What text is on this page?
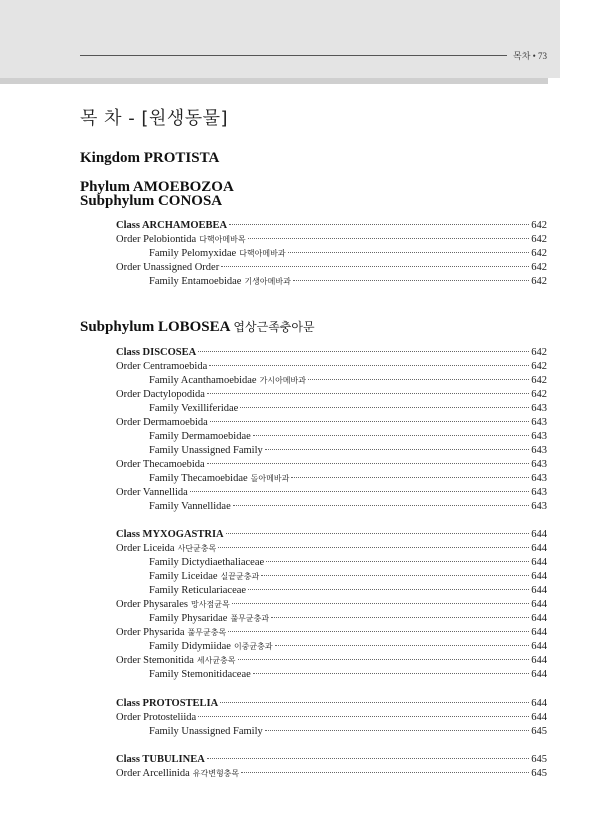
목차 • 73
목 차 - [원생동물]
Kingdom PROTISTA
Phylum AMOEBOZOA
Subphylum CONOSA
Class ARCHAMOEBEA	642
Order Pelobiontida 다핵아메바목	642
Family Pelomyxidae 다핵아메바과	642
Order Unassigned Order	642
Family Entamoebidae 기생아메바과	642
Subphylum LOBOSEA 엽상근족충아문
Class DISCOSEA	642
Order Centramoebida	642
Family Acanthamoebidae 가시아메바과	642
Order Dactylopodida	642
Family Vexilliferidae	643
Order Dermamoebida	643
Family Dermamoebidae	643
Family Unassigned Family	643
Order Thecamoebida	643
Family Thecamoebidae 돌아메바과	643
Order Vannellida	643
Family Vannellidae	643
Class MYXOGASTRIA	644
Order Liceida 사단균충목	644
Family Dictydiaethaliaceae	644
Family Liceidae 실끝균충과	644
Family Reticulariaceae	644
Order Physarales 망사점균목	644
Family Physaridae 풀무균충과	644
Order Physarida 풀무균충목	644
Family Didymiidae 이중균충과	644
Order Stemonitida 세사균충목	644
Family Stemonitidaceae	644
Class PROTOSTELIA	644
Order Protosteliida	644
Family Unassigned Family	645
Class TUBULINEA	645
Order Arcellinida 유각변형충목	645
